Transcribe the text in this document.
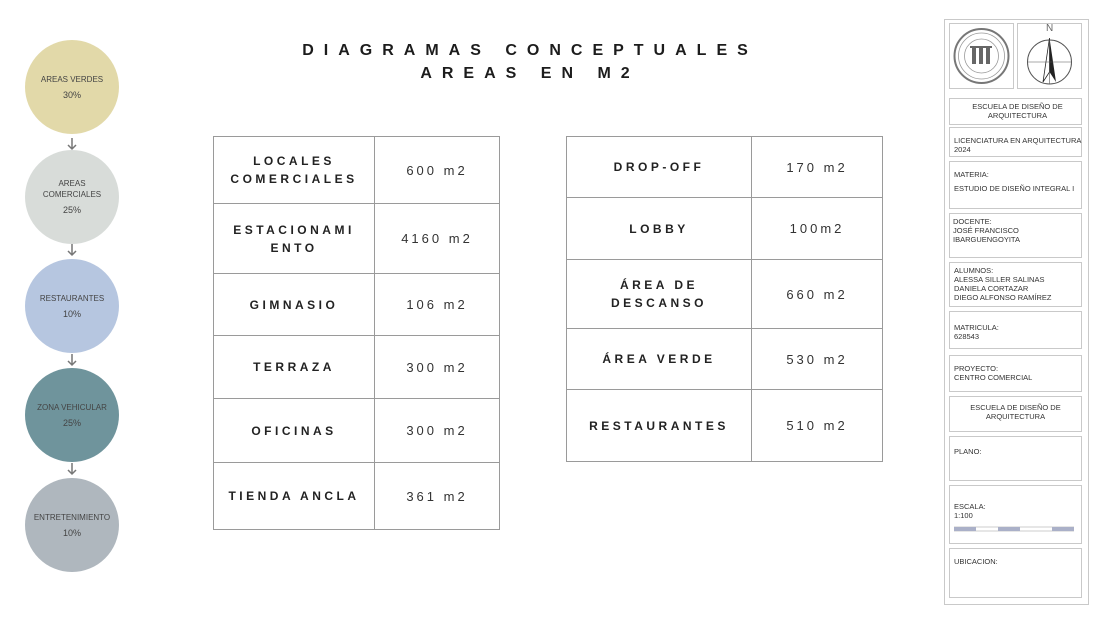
DIAGRAMAS CONCEPTUALES
AREAS EN M2
AREAS VERDES
30%
AREAS COMERCIALES
25%
RESTAURANTES
10%
ZONA VEHICULAR
25%
ENTRETENIMIENTO
10%
LOCALES COMERCIALES	600 m2
ESTACIONAMI ENTO	4160 m2
GIMNASIO	106 m2
TERRAZA	300 m2
OFICINAS	300 m2
TIENDA ANCLA	361 m2
DROP-OFF	170 m2
LOBBY	100m2
ÁREA DE DESCANSO	660 m2
ÁREA VERDE	530 m2
RESTAURANTES	510 m2
N
ESCUELA DE DISEÑO DE ARQUITECTURA
LICENCIATURA EN ARQUITECTURA 2024
MATERIA:
ESTUDIO DE DISEÑO INTEGRAL I
DOCENTE:
JOSÉ FRANCISCO IBARGUENGOYITA
ALUMNOS:
ALESSA SILLER SALINAS
DANIELA CORTAZAR
DIEGO ALFONSO RAMÍREZ
MATRICULA:
628543
PROYECTO:
CENTRO COMERCIAL
ESCUELA DE DISEÑO DE ARQUITECTURA
PLANO:
ESCALA:
1:100
UBICACION:
